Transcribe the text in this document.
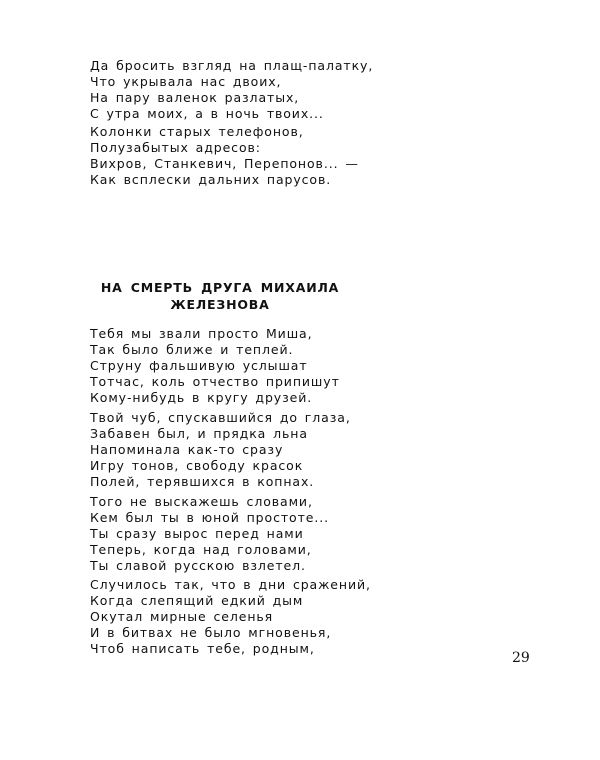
Да бросить взгляд на плащ-палатку,
Что укрывала нас двоих,
На пару валенок разлатых,
С утра моих, а в ночь твоих...
Колонки старых телефонов,
Полузабытых адресов:
Вихров, Станкевич, Перепонов... —
Как всплески дальних парусов.
НА СМЕРТЬ ДРУГА МИХАИЛА
ЖЕЛЕЗНОВА
Тебя мы звали просто Миша,
Так было ближе и теплей.
Струну фальшивую услышат
Тотчас, коль отчество припишут
Кому-нибудь в кругу друзей.
Твой чуб, спускавшийся до глаза,
Забавен был, и прядка льна
Напоминала как-то сразу
Игру тонов, свободу красок
Полей, терявшихся в копнах.
Того не выскажешь словами,
Кем был ты в юной простоте...
Ты сразу вырос перед нами
Теперь, когда над головами,
Ты славой русскою взлетел.
Случилось так, что в дни сражений,
Когда слепящий едкий дым
Окутал мирные селенья
И в битвах не было мгновенья,
Чтоб написать тебе, родным,
29
